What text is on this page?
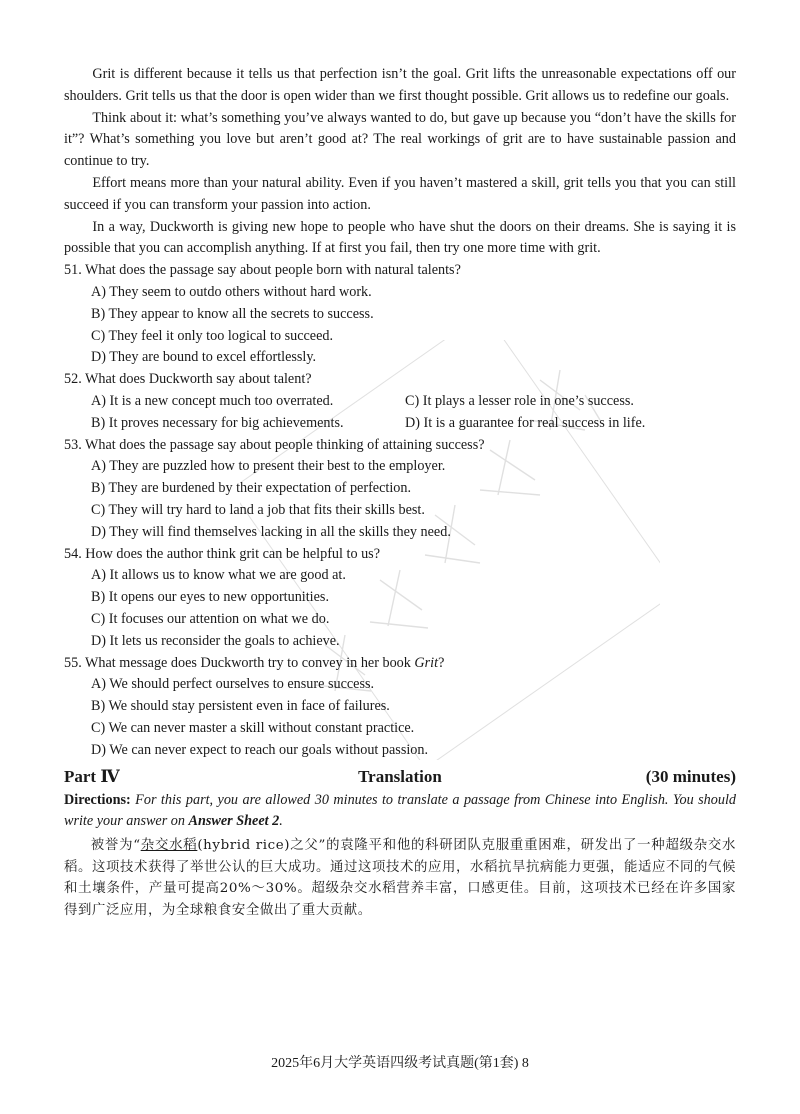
Grit is different because it tells us that perfection isn’t the goal. Grit lifts the unreasonable expectations off our shoulders. Grit tells us that the door is open wider than we first thought possible. Grit allows us to redefine our goals.

Think about it: what’s something you’ve always wanted to do, but gave up because you “don’t have the skills for it”? What’s something you love but aren’t good at? The real workings of grit are to have sustainable passion and continue to try.

Effort means more than your natural ability. Even if you haven’t mastered a skill, grit tells you that you can still succeed if you can transform your passion into action.

In a way, Duckworth is giving new hope to people who have shut the doors on their dreams. She is saying it is possible that you can accomplish anything. If at first you fail, then try one more time with grit.

51. What does the passage say about people born with natural talents?

A) They seem to outdo others without hard work.

B) They appear to know all the secrets to success.

C) They feel it only too logical to succeed.

D) They are bound to excel effortlessly.

52. What does Duckworth say about talent?

A) It is a new concept much too overrated.	C) It plays a lesser role in one’s success.
B) It proves necessary for big achievements.	D) It is a guarantee for real success in life.

53. What does the passage say about people thinking of attaining success?

A) They are puzzled how to present their best to the employer.

B) They are burdened by their expectation of perfection.

C) They will try hard to land a job that fits their skills best.

D) They will find themselves lacking in all the skills they need.

54. How does the author think grit can be helpful to us?

A) It allows us to know what we are good at.

B) It opens our eyes to new opportunities.

C) It focuses our attention on what we do.

D) It lets us reconsider the goals to achieve.

55. What message does Duckworth try to convey in her book Grit?

A) We should perfect ourselves to ensure success.

B) We should stay persistent even in face of failures.

C) We can never master a skill without constant practice.

D) We can never expect to reach our goals without passion.

Part Ⅳ	Translation	(30 minutes)

Directions: For this part, you are allowed 30 minutes to translate a passage from Chinese into English. You should write your answer on Answer Sheet 2.

被誉为“杂交水稻(hybrid rice)之父”的袁隆平和他的科研团队克服重重困难，研发出了一种超级杂交水稻。这项技术获得了举世公认的巨大成功。通过这项技术的应用，水稻抗旱抗病能力更强，能适应不同的气候和土壤条件，产量可提高20%～30%。超级杂交水稻营养丰富，口感更佳。目前，这项技术已经在许多国家得到广泛应用，为全球粮食安全做出了重大贡献。

2025年6月大学英语四级考试真题(第1套) 8
